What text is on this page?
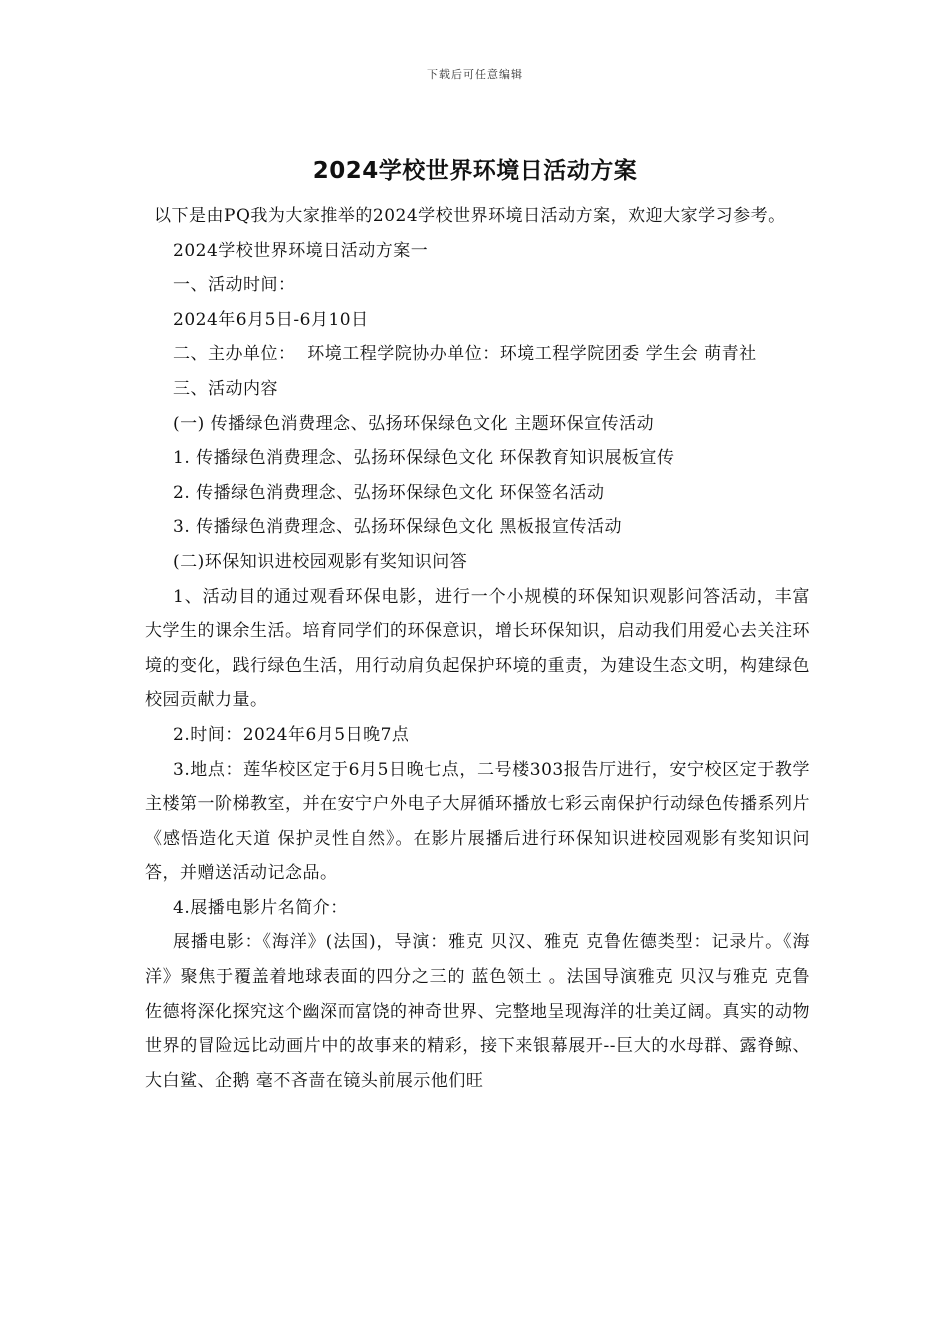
下载后可任意编辑
2024学校世界环境日活动方案

以下是由PQ我为大家推举的2024学校世界环境日活动方案，欢迎大家学习参考。

2024学校世界环境日活动方案一

一、活动时间：

2024年6月5日-6月10日

二、主办单位：  环境工程学院协办单位：环境工程学院团委 学生会 萌青社

三、活动内容

(一) 传播绿色消费理念、弘扬环保绿色文化 主题环保宣传活动

1. 传播绿色消费理念、弘扬环保绿色文化 环保教育知识展板宣传

2. 传播绿色消费理念、弘扬环保绿色文化 环保签名活动

3. 传播绿色消费理念、弘扬环保绿色文化 黑板报宣传活动

(二)环保知识进校园观影有奖知识问答

1、活动目的通过观看环保电影，进行一个小规模的环保知识观影问答活动，丰富大学生的课余生活。培育同学们的环保意识，增长环保知识，启动我们用爱心去关注环境的变化，践行绿色生活，用行动肩负起保护环境的重责，为建设生态文明，构建绿色校园贡献力量。

2.时间：2024年6月5日晚7点

3.地点：莲华校区定于6月5日晚七点，二号楼303报告厅进行，安宁校区定于教学主楼第一阶梯教室，并在安宁户外电子大屏循环播放七彩云南保护行动绿色传播系列片《感悟造化天道 保护灵性自然》。在影片展播后进行环保知识进校园观影有奖知识问答，并赠送活动记念品。

4.展播电影片名简介：

展播电影：《海洋》(法国)，导演：雅克 贝汉、雅克 克鲁佐德类型：记录片。《海洋》聚焦于覆盖着地球表面的四分之三的 蓝色领土 。法国导演雅克 贝汉与雅克 克鲁佐德将深化探究这个幽深而富饶的神奇世界、完整地呈现海洋的壮美辽阔。真实的动物世界的冒险远比动画片中的故事来的精彩，接下来银幕展开--巨大的水母群、露脊鲸、大白鲨、企鹅 毫不吝啬在镜头前展示他们旺
